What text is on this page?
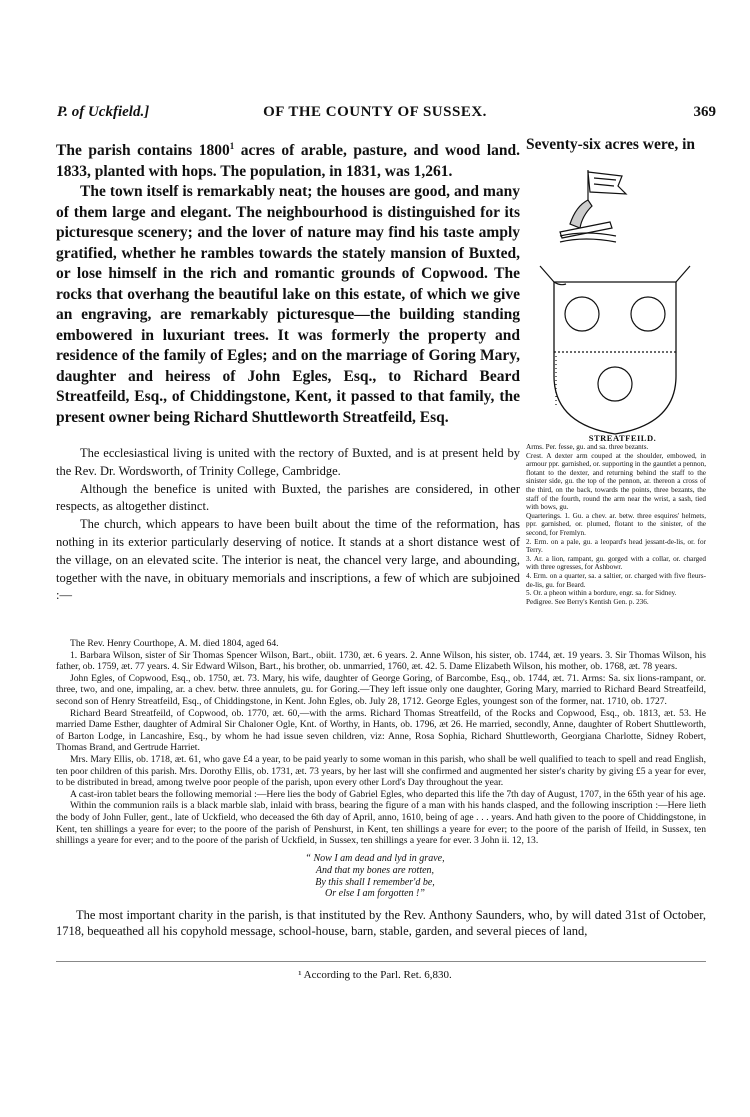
P. of Uckfield.]	OF THE COUNTY OF SUSSEX.	369

The parish contains 1800$^1$ acres of arable, pasture, and wood land. 1833, planted with hops. The population, in 1831, was 1,261.

The town itself is remarkably neat; the houses are good, and many of them large and elegant. The neighbourhood is distinguished for its picturesque scenery; and the lover of nature may find his taste amply gratified, whether he rambles towards the stately mansion of Buxted, or lose himself in the rich and romantic grounds of Copwood. The rocks that overhang the beautiful lake on this estate, of which we give an engraving, are remarkably picturesque—the building standing embowered in luxuriant trees. It was formerly the property and residence of the family of Egles; and on the marriage of Goring Mary, daughter and heiress of John Egles, Esq., to Richard Beard Streatfeild, Esq., of Chiddingstone, Kent, it passed to that family, the present owner being Richard Shuttleworth Streatfeild, Esq.

Seventy-six acres were, in
STREATFEILD.

Arms. Per. fesse, gu. and sa. three bezants.

Crest. A dexter arm couped at the shoulder, embowed, in armour ppr. garnished, or. supporting in the gauntlet a pennon, flotant to the dexter, and returning behind the staff to the sinister side, gu. the top of the pennon, ar. thereon a cross of the third, on the back, towards the points, three bezants, the staff of the fourth, round the arm near the wrist, a sash, tied with bows, gu.

Quarterings. 1. Gu. a chev. ar. betw. three esquires' helmets, ppr. garnished, or. plumed, flotant to the sinister, of the second, for Fremlyn.

2. Erm. on a pale, gu. a leopard's head jessant-de-lis, or. for Terry.

3. Ar. a lion, rampant, gu. gorged with a collar, or. charged with three ogresses, for Ashbowr.

4. Erm. on a quarter, sa. a saltier, or. charged with five fleurs-de-lis, gu. for Beard.

5. Or. a pheon within a bordure, engr. sa. for Sidney.

Pedigree. See Berry's Kentish Gen. p. 236.

The ecclesiastical living is united with the rectory of Buxted, and is at present held by the Rev. Dr. Wordsworth, of Trinity College, Cambridge.

Although the benefice is united with Buxted, the parishes are considered, in other respects, as altogether distinct.

The church, which appears to have been built about the time of the reformation, has nothing in its exterior particularly deserving of notice. It stands at a short distance west of the village, on an elevated scite. The interior is neat, the chancel very large, and abounding, together with the nave, in obituary memorials and inscriptions, a few of which are subjoined :—

The Rev. Henry Courthope, A. M. died 1804, aged 64.

1. Barbara Wilson, sister of Sir Thomas Spencer Wilson, Bart., obiit. 1730, æt. 6 years. 2. Anne Wilson, his sister, ob. 1744, æt. 19 years. 3. Sir Thomas Wilson, his father, ob. 1759, æt. 77 years. 4. Sir Edward Wilson, Bart., his brother, ob. unmarried, 1760, æt. 42. 5. Dame Elizabeth Wilson, his mother, ob. 1768, æt. 78 years.

John Egles, of Copwood, Esq., ob. 1750, æt. 73. Mary, his wife, daughter of George Goring, of Barcombe, Esq., ob. 1744, æt. 71. Arms: Sa. six lions-rampant, or. three, two, and one, impaling, ar. a chev. betw. three annulets, gu. for Goring.—They left issue only one daughter, Goring Mary, married to Richard Beard Streatfeild, second son of Henry Streatfeild, Esq., of Chiddingstone, in Kent. John Egles, ob. July 28, 1712. George Egles, youngest son of the former, nat. 1710, ob. 1727.

Richard Beard Streatfeild, of Copwood, ob. 1770, æt. 60,—with the arms. Richard Thomas Streatfeild, of the Rocks and Copwood, Esq., ob. 1813, æt. 53. He married Dame Esther, daughter of Admiral Sir Chaloner Ogle, Knt. of Worthy, in Hants, ob. 1796, æt 26. He married, secondly, Anne, daughter of Robert Shuttleworth, of Barton Lodge, in Lancashire, Esq., by whom he had issue seven children, viz: Anne, Rosa Sophia, Richard Shuttleworth, Georgiana Charlotte, Sidney Robert, Thomas Brand, and Gertrude Harriet.

Mrs. Mary Ellis, ob. 1718, æt. 61, who gave £4 a year, to be paid yearly to some woman in this parish, who shall be well qualified to teach to spell and read English, ten poor children of this parish. Mrs. Dorothy Ellis, ob. 1731, æt. 73 years, by her last will she confirmed and augmented her sister's charity by giving £5 a year for ever, to be distributed in bread, among twelve poor people of the parish, upon every other Lord's Day throughout the year.

A cast-iron tablet bears the following memorial :—Here lies the body of Gabriel Egles, who departed this life the 7th day of August, 1707, in the 65th year of his age.

Within the communion rails is a black marble slab, inlaid with brass, bearing the figure of a man with his hands clasped, and the following inscription :—Here lieth the body of John Fuller, gent., late of Uckfield, who deceased the 6th day of April, anno, 1610, being of age . . . years. And hath given to the poore of Chiddingstone, in Kent, ten shillings a yeare for ever; to the poore of the parish of Penshurst, in Kent, ten shillings a yeare for ever; to the poore of the parish of Ifeild, in Sussex, ten shillings a yeare for ever; and to the poore of the parish of Uckfield, in Sussex, ten shillings a yeare for ever. 3 John ii. 12, 13.

“ Now I am dead and lyd in grave,
And that my bones are rotten,
By this shall I remember'd be,
Or else I am forgotten !”

The most important charity in the parish, is that instituted by the Rev. Anthony Saunders, who, by will dated 31st of October, 1718, bequeathed all his copyhold message, school-house, barn, stable, garden, and several pieces of land,

¹ According to the Parl. Ret. 6,830.
